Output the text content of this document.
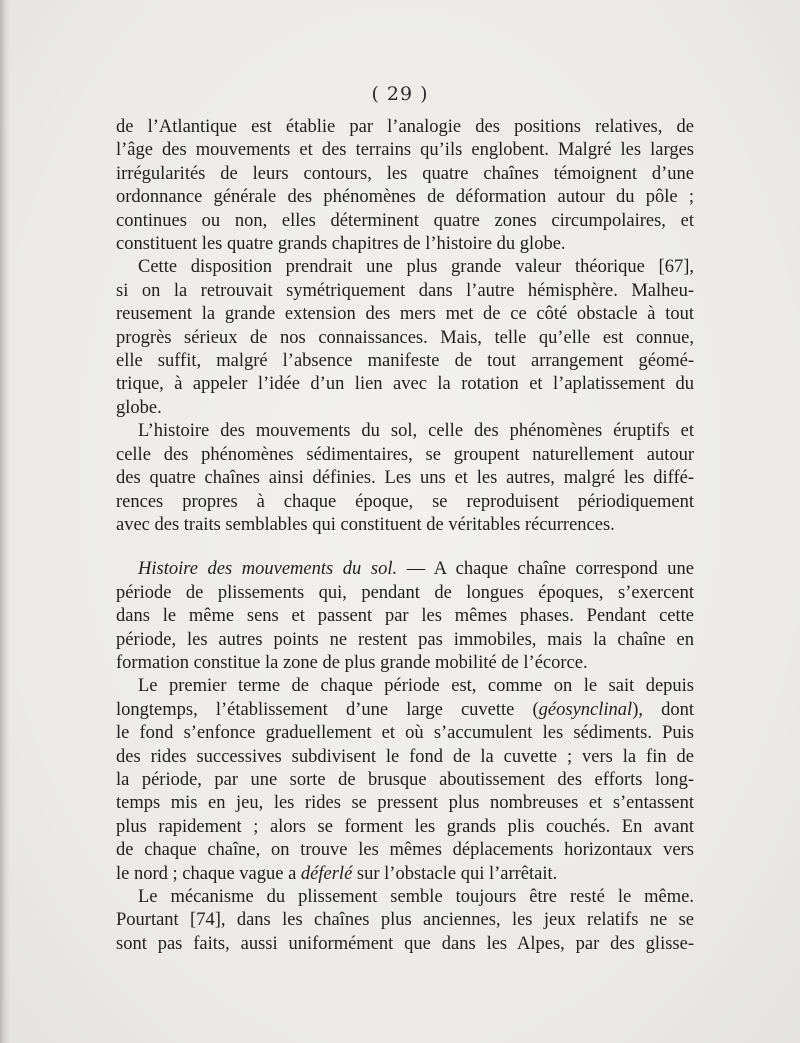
( 29 )
de l’Atlantique est établie par l’analogie des positions relatives, de
l’âge des mouvements et des terrains qu’ils englobent. Malgré les larges
irrégularités de leurs contours, les quatre chaînes témoignent d’une
ordonnance générale des phénomènes de déformation autour du pôle ;
continues ou non, elles déterminent quatre zones circumpolaires, et
constituent les quatre grands chapitres de l’histoire du globe.
Cette disposition prendrait une plus grande valeur théorique [67],
si on la retrouvait symétriquement dans l’autre hémisphère. Malheu-
reusement la grande extension des mers met de ce côté obstacle à tout
progrès sérieux de nos connaissances. Mais, telle qu’elle est connue,
elle suffit, malgré l’absence manifeste de tout arrangement géomé-
trique, à appeler l’idée d’un lien avec la rotation et l’aplatissement du
globe.
L’histoire des mouvements du sol, celle des phénomènes éruptifs et
celle des phénomènes sédimentaires, se groupent naturellement autour
des quatre chaînes ainsi définies. Les uns et les autres, malgré les diffé-
rences propres à chaque époque, se reproduisent périodiquement
avec des traits semblables qui constituent de véritables récurrences.
Histoire des mouvements du sol. — A chaque chaîne correspond une
période de plissements qui, pendant de longues époques, s’exercent
dans le même sens et passent par les mêmes phases. Pendant cette
période, les autres points ne restent pas immobiles, mais la chaîne en
formation constitue la zone de plus grande mobilité de l’écorce.
Le premier terme de chaque période est, comme on le sait depuis
longtemps, l’établissement d’une large cuvette (géosynclinal), dont
le fond s’enfonce graduellement et où s’accumulent les sédiments. Puis
des rides successives subdivisent le fond de la cuvette ; vers la fin de
la période, par une sorte de brusque aboutissement des efforts long-
temps mis en jeu, les rides se pressent plus nombreuses et s’entassent
plus rapidement ; alors se forment les grands plis couchés. En avant
de chaque chaîne, on trouve les mêmes déplacements horizontaux vers
le nord ; chaque vague a déferlé sur l’obstacle qui l’arrêtait.
Le mécanisme du plissement semble toujours être resté le même.
Pourtant [74], dans les chaînes plus anciennes, les jeux relatifs ne se
sont pas faits, aussi uniformément que dans les Alpes, par des glisse-
